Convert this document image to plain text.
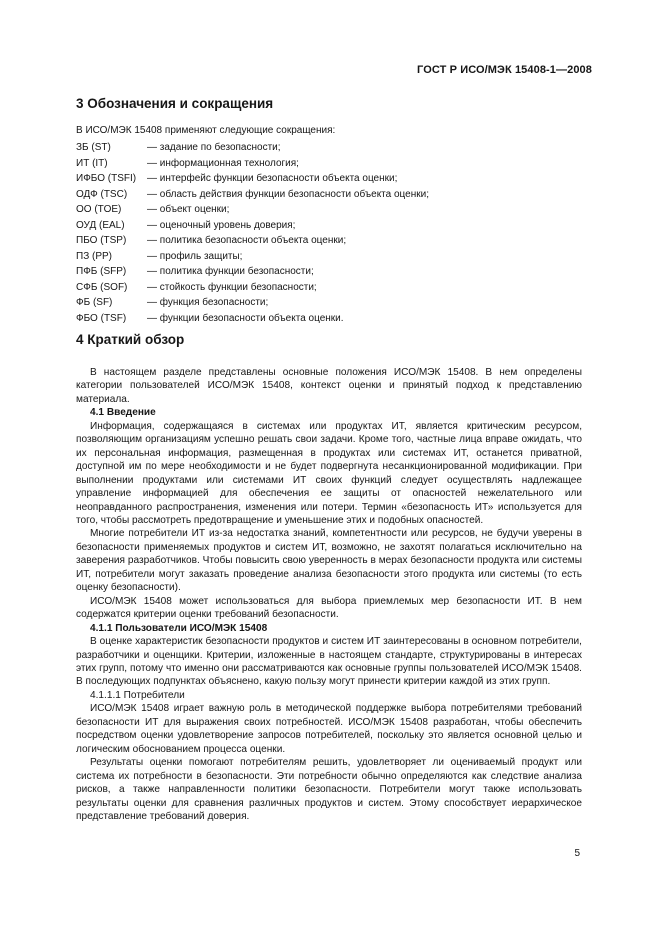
ГОСТ Р ИСО/МЭК 15408-1—2008
3 Обозначения и сокращения
В ИСО/МЭК 15408 применяют следующие сокращения:
ЗБ (ST)	— задание по безопасности;
ИТ (IT)	— информационная технология;
ИФБО (TSFI) — интерфейс функции безопасности объекта оценки;
ОДФ (TSC) — область действия функции безопасности объекта оценки;
ОО (TOE)	— объект оценки;
ОУД (EAL) — оценочный уровень доверия;
ПБО (TSP) — политика безопасности объекта оценки;
ПЗ (PP)	— профиль защиты;
ПФБ (SFP) — политика функции безопасности;
СФБ (SOF) — стойкость функции безопасности;
ФБ (SF)	— функция безопасности;
ФБО (TSF) — функции безопасности объекта оценки.
4 Краткий обзор

В настоящем разделе представлены основные положения ИСО/МЭК 15408. В нем определены категории пользователей ИСО/МЭК 15408, контекст оценки и принятый подход к представлению материала.

4.1 Введение

Информация, содержащаяся в системах или продуктах ИТ, является критическим ресурсом, позволяющим организациям успешно решать свои задачи. Кроме того, частные лица вправе ожидать, что их персональная информация, размещенная в продуктах или системах ИТ, останется приватной, доступной им по мере необходимости и не будет подвергнута несанкционированной модификации. При выполнении продуктами или системами ИТ своих функций следует осуществлять надлежащее управление информацией для обеспечения ее защиты от опасностей нежелательного или неоправданного распространения, изменения или потери. Термин «безопасность ИТ» используется для того, чтобы рассмотреть предотвращение и уменьшение этих и подобных опасностей.

Многие потребители ИТ из-за недостатка знаний, компетентности или ресурсов, не будучи уверены в безопасности применяемых продуктов и систем ИТ, возможно, не захотят полагаться исключительно на заверения разработчиков. Чтобы повысить свою уверенность в мерах безопасности продукта или системы ИТ, потребители могут заказать проведение анализа безопасности этого продукта или системы (то есть оценку безопасности).

ИСО/МЭК 15408 может использоваться для выбора приемлемых мер безопасности ИТ. В нем содержатся критерии оценки требований безопасности.

4.1.1 Пользователи ИСО/МЭК 15408

В оценке характеристик безопасности продуктов и систем ИТ заинтересованы в основном потребители, разработчики и оценщики. Критерии, изложенные в настоящем стандарте, структурированы в интересах этих групп, потому что именно они рассматриваются как основные группы пользователей ИСО/МЭК 15408. В последующих подпунктах объяснено, какую пользу могут принести критерии каждой из этих групп.

4.1.1.1 Потребители

ИСО/МЭК 15408 играет важную роль в методической поддержке выбора потребителями требований безопасности ИТ для выражения своих потребностей. ИСО/МЭК 15408 разработан, чтобы обеспечить посредством оценки удовлетворение запросов потребителей, поскольку это является основной целью и логическим обоснованием процесса оценки.

Результаты оценки помогают потребителям решить, удовлетворяет ли оцениваемый продукт или система их потребности в безопасности. Эти потребности обычно определяются как следствие анализа рисков, а также направленности политики безопасности. Потребители могут также использовать результаты оценки для сравнения различных продуктов и систем. Этому способствует иерархическое представление требований доверия.

5
